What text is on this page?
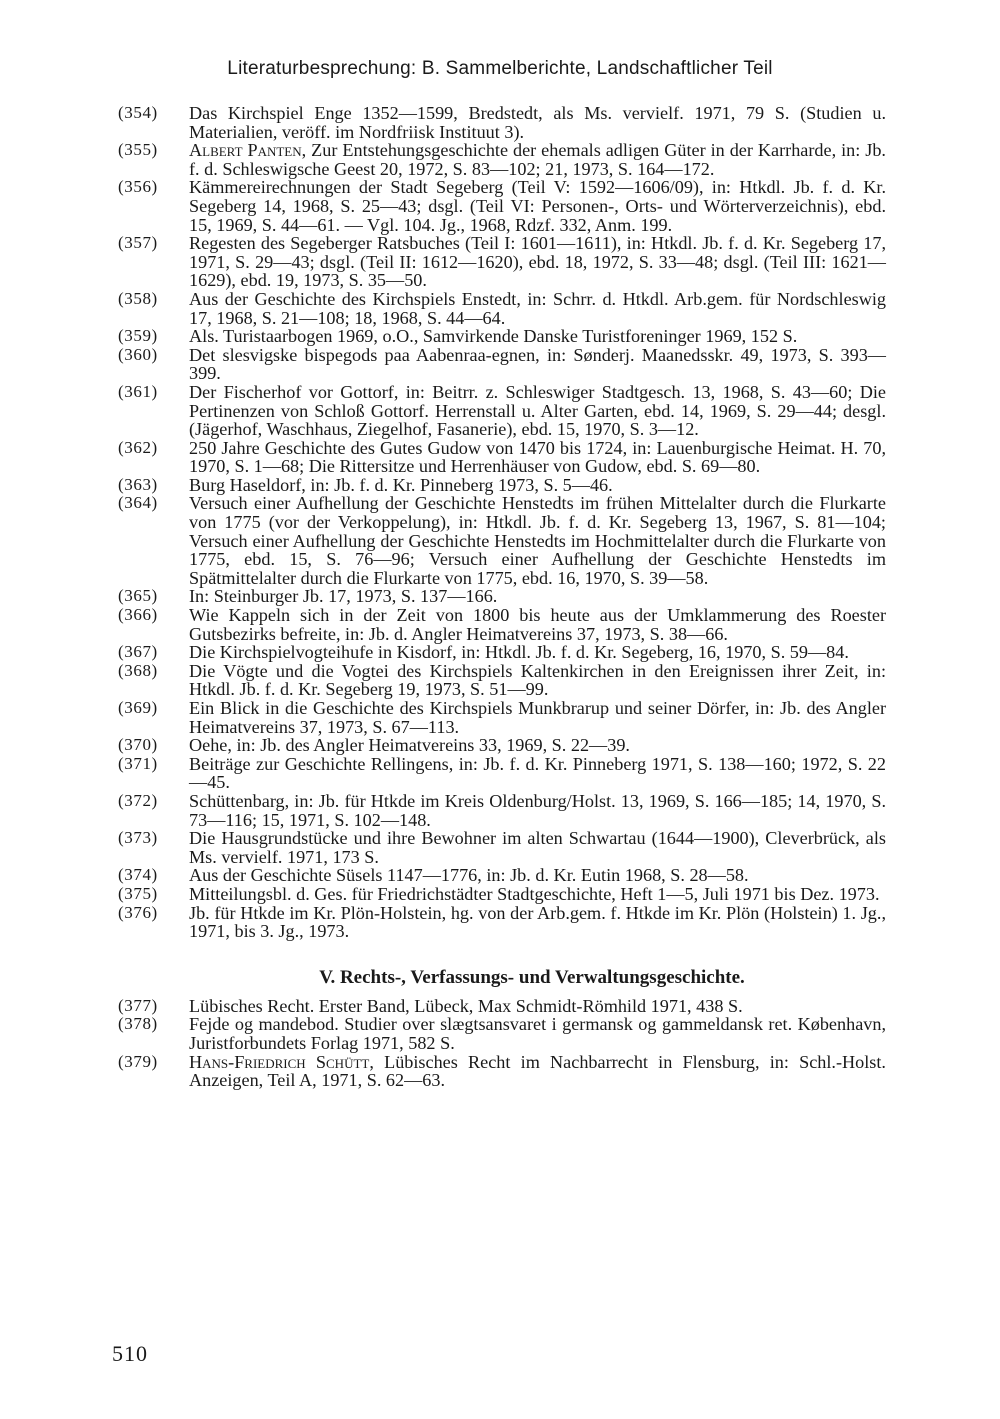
Literaturbesprechung: B. Sammelberichte, Landschaftlicher Teil

(354)	Das Kirchspiel Enge 1352—1599, Bredstedt, als Ms. vervielf. 1971, 79 S. (Studien u. Materialien, veröff. im Nordfriisk Instituut 3).

(355)	Albert Panten, Zur Entstehungsgeschichte der ehemals adligen Güter in der Karrharde, in: Jb. f. d. Schleswigsche Geest 20, 1972, S. 83—102; 21, 1973, S. 164—172.

(356)	Kämmereirechnungen der Stadt Segeberg (Teil V: 1592—1606/09), in: Htkdl. Jb. f. d. Kr. Segeberg 14, 1968, S. 25—43; dsgl. (Teil VI: Personen-, Orts- und Wörterverzeichnis), ebd. 15, 1969, S. 44—61. — Vgl. 104. Jg., 1968, Rdzf. 332, Anm. 199.

(357)	Regesten des Segeberger Ratsbuches (Teil I: 1601—1611), in: Htkdl. Jb. f. d. Kr. Segeberg 17, 1971, S. 29—43; dsgl. (Teil II: 1612—1620), ebd. 18, 1972, S. 33—48; dsgl. (Teil III: 1621—1629), ebd. 19, 1973, S. 35—50.

(358)	Aus der Geschichte des Kirchspiels Enstedt, in: Schrr. d. Htkdl. Arb.gem. für Nordschleswig 17, 1968, S. 21—108; 18, 1968, S. 44—64.

(359)	Als. Turistaarbogen 1969, o.O., Samvirkende Danske Turistforeninger 1969, 152 S.

(360)	Det slesvigske bispegods paa Aabenraa-egnen, in: Sønderj. Maanedsskr. 49, 1973, S. 393—399.

(361)	Der Fischerhof vor Gottorf, in: Beitrr. z. Schleswiger Stadtgesch. 13, 1968, S. 43—60; Die Pertinenzen von Schloß Gottorf. Herrenstall u. Alter Garten, ebd. 14, 1969, S. 29—44; desgl. (Jägerhof, Waschhaus, Ziegelhof, Fasanerie), ebd. 15, 1970, S. 3—12.

(362)	250 Jahre Geschichte des Gutes Gudow von 1470 bis 1724, in: Lauenburgische Heimat. H. 70, 1970, S. 1—68; Die Rittersitze und Herrenhäuser von Gudow, ebd. S. 69—80.

(363)	Burg Haseldorf, in: Jb. f. d. Kr. Pinneberg 1973, S. 5—46.

(364)	Versuch einer Aufhellung der Geschichte Henstedts im frühen Mittelalter durch die Flurkarte von 1775 (vor der Verkoppelung), in: Htkdl. Jb. f. d. Kr. Segeberg 13, 1967, S. 81—104; Versuch einer Aufhellung der Geschichte Henstedts im Hochmittelalter durch die Flurkarte von 1775, ebd. 15, S. 76—96; Versuch einer Aufhellung der Geschichte Henstedts im Spätmittelalter durch die Flurkarte von 1775, ebd. 16, 1970, S. 39—58.

(365)	In: Steinburger Jb. 17, 1973, S. 137—166.

(366)	Wie Kappeln sich in der Zeit von 1800 bis heute aus der Umklammerung des Roester Gutsbezirks befreite, in: Jb. d. Angler Heimatvereins 37, 1973, S. 38—66.

(367)	Die Kirchspielvogteihufe in Kisdorf, in: Htkdl. Jb. f. d. Kr. Segeberg, 16, 1970, S. 59—84.

(368)	Die Vögte und die Vogtei des Kirchspiels Kaltenkirchen in den Ereignissen ihrer Zeit, in: Htkdl. Jb. f. d. Kr. Segeberg 19, 1973, S. 51—99.

(369)	Ein Blick in die Geschichte des Kirchspiels Munkbrarup und seiner Dörfer, in: Jb. des Angler Heimatvereins 37, 1973, S. 67—113.

(370)	Oehe, in: Jb. des Angler Heimatvereins 33, 1969, S. 22—39.

(371)	Beiträge zur Geschichte Rellingens, in: Jb. f. d. Kr. Pinneberg 1971, S. 138—160; 1972, S. 22—45.

(372)	Schüttenbarg, in: Jb. für Htkde im Kreis Oldenburg/Holst. 13, 1969, S. 166—185; 14, 1970, S. 73—116; 15, 1971, S. 102—148.

(373)	Die Hausgrundstücke und ihre Bewohner im alten Schwartau (1644—1900), Cleverbrück, als Ms. vervielf. 1971, 173 S.

(374)	Aus der Geschichte Süsels 1147—1776, in: Jb. d. Kr. Eutin 1968, S. 28—58.

(375)	Mitteilungsbl. d. Ges. für Friedrichstädter Stadtgeschichte, Heft 1—5, Juli 1971 bis Dez. 1973.

(376)	Jb. für Htkde im Kr. Plön-Holstein, hg. von der Arb.gem. f. Htkde im Kr. Plön (Holstein) 1. Jg., 1971, bis 3. Jg., 1973.

V. Rechts-, Verfassungs- und Verwaltungsgeschichte.

(377)	Lübisches Recht. Erster Band, Lübeck, Max Schmidt-Römhild 1971, 438 S.

(378)	Fejde og mandebod. Studier over slægtsansvaret i germansk og gammeldansk ret. København, Juristforbundets Forlag 1971, 582 S.

(379)	Hans-Friedrich Schütt, Lübisches Recht im Nachbarrecht in Flensburg, in: Schl.-Holst. Anzeigen, Teil A, 1971, S. 62—63.

510
